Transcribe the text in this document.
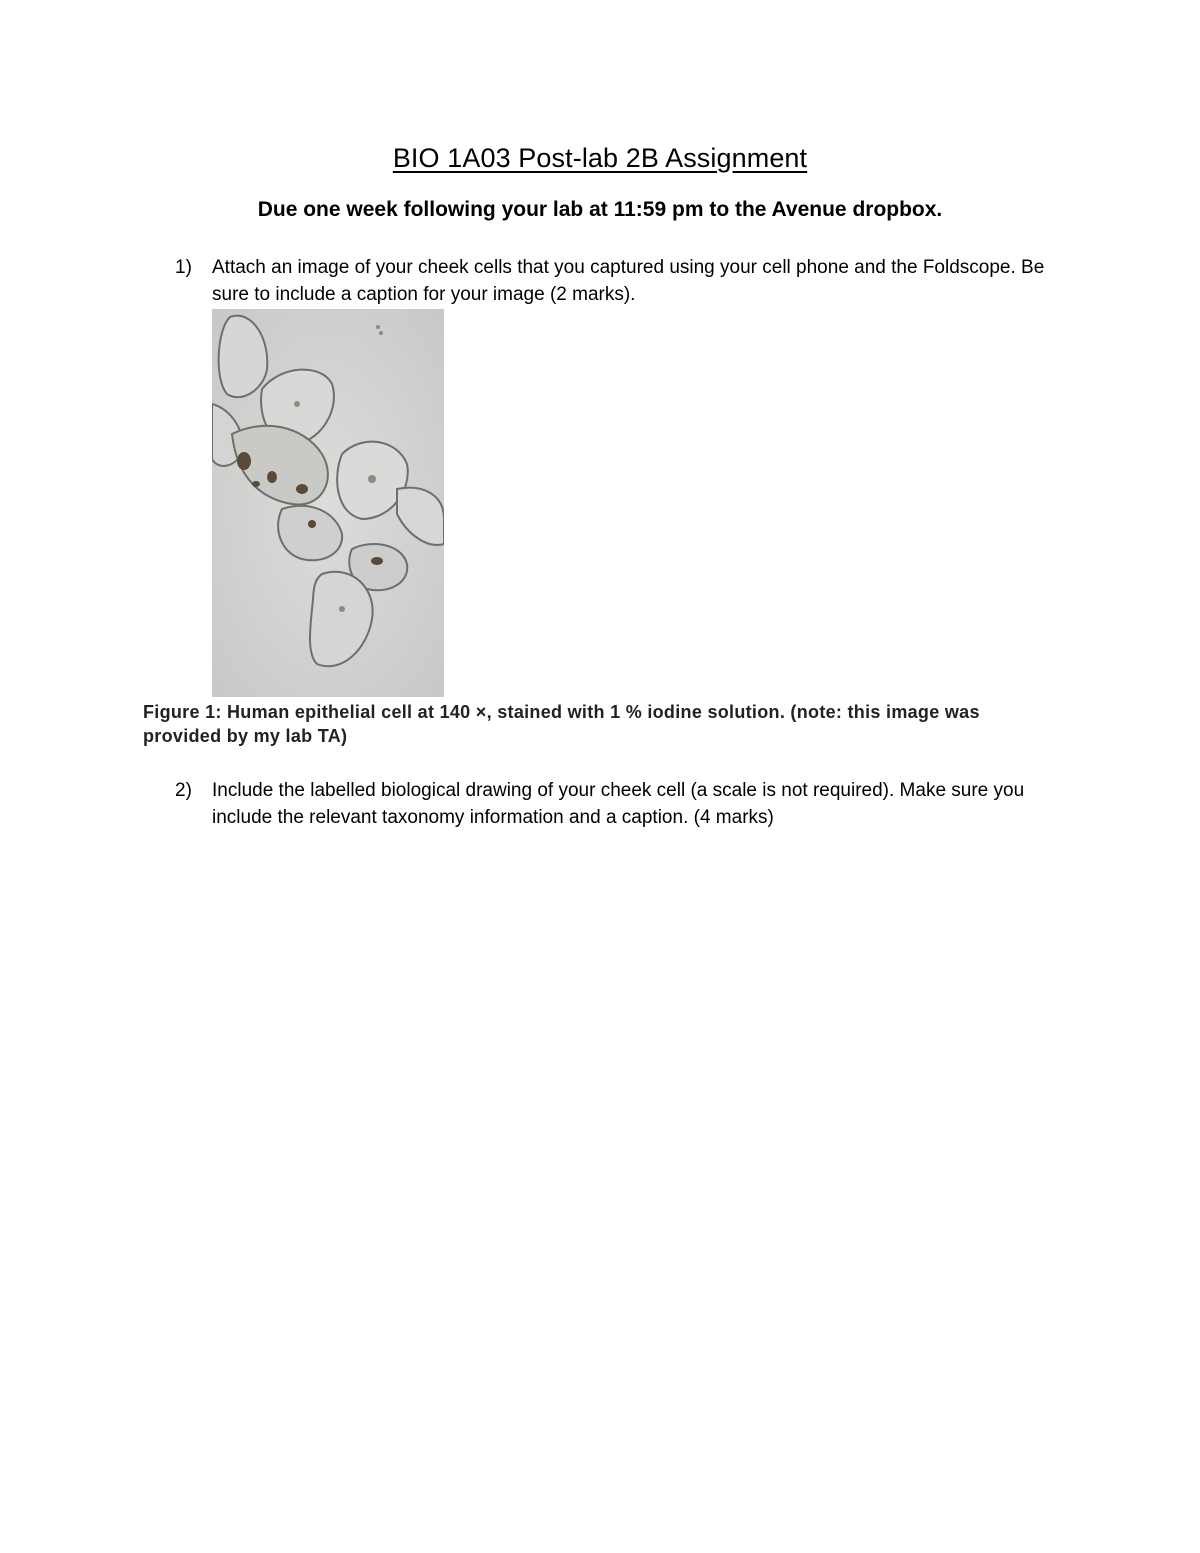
BIO 1A03 Post-lab 2B Assignment
Due one week following your lab at 11:59 pm to the Avenue dropbox.
1) Attach an image of your cheek cells that you captured using your cell phone and the Foldscope. Be sure to include a caption for your image (2 marks).
Figure 1: Human epithelial cell at 140 ×, stained with 1 % iodine solution. (note: this image was provided by my lab TA)
2) Include the labelled biological drawing of your cheek cell (a scale is not required). Make sure you include the relevant taxonomy information and a caption. (4 marks)
